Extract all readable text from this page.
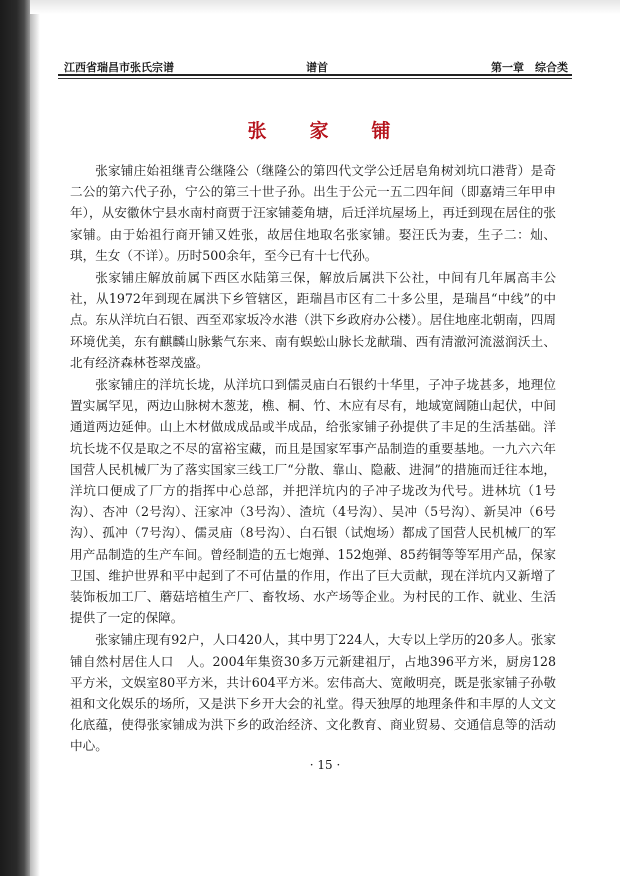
江西省瑞昌市张氏宗谱	谱首	第一章　综合类
张　家　铺

张家铺庄始祖继青公继隆公（继隆公的第四代文学公迁居皂角树刘坑口港背）是奇二公的第六代子孙，宁公的第三十世子孙。出生于公元一五二四年间（即嘉靖三年甲申年），从安徽休宁县水南村商贾于汪家铺菱角塘，后迁洋坑屋场上，再迁到现在居住的张家铺。由于始祖行商开铺又姓张，故居住地取名张家铺。娶汪氏为妻，生子二：灿、琪，生女（不详）。历时500余年，至今已有十七代孙。

张家铺庄解放前属下西区水陆第三保，解放后属洪下公社，中间有几年属高丰公社，从1972年到现在属洪下乡管辖区，距瑞昌市区有二十多公里，是瑞昌“中线”的中点。东从洋坑白石银、西至邓家坂冷水港（洪下乡政府办公楼）。居住地座北朝南，四周环境优美，东有麒麟山脉紫气东来、南有蜈蚣山脉长龙献瑞、西有清澈河流滋润沃土、北有经济森林苍翠茂盛。

张家铺庄的洋坑长垅，从洋坑口到儒灵庙白石银约十华里，子冲子垅甚多，地理位置实属罕见，两边山脉树木葱茏，樵、桐、竹、木应有尽有，地域宽阔随山起伏，中间通道两边延伸。山上木材做成成品或半成品，给张家铺子孙提供了丰足的生活基础。洋坑长垅不仅是取之不尽的富裕宝藏，而且是国家军事产品制造的重要基地。一九六六年国营人民机械厂为了落实国家三线工厂“分散、靠山、隐蔽、进洞”的措施而迁往本地，洋坑口便成了厂方的指挥中心总部，并把洋坑内的子冲子垅改为代号。进林坑（1号沟）、杏冲（2号沟）、汪家冲（3号沟）、渣坑（4号沟）、吴冲（5号沟）、新吴冲（6号沟）、孤冲（7号沟）、儒灵庙（8号沟）、白石银（试炮场）都成了国营人民机械厂的军用产品制造的生产车间。曾经制造的五七炮弹、152炮弹、85药铜等等军用产品，保家卫国、维护世界和平中起到了不可估量的作用，作出了巨大贡献，现在洋坑内又新增了装饰板加工厂、蘑菇培植生产厂、畜牧场、水产场等企业。为村民的工作、就业、生活提供了一定的保障。

张家铺庄现有92户，人口420人，其中男丁224人，大专以上学历的20多人。张家铺自然村居住人口　人。2004年集资30多万元新建祖厅，占地396平方米，厨房128平方米，文娱室80平方米，共计604平方米。宏伟高大、宽敞明亮，既是张家铺子孙敬祖和文化娱乐的场所，又是洪下乡开大会的礼堂。得天独厚的地理条件和丰厚的人文文化底蕴，使得张家铺成为洪下乡的政治经济、文化教育、商业贸易、交通信息等的活动中心。

· 15 ·
